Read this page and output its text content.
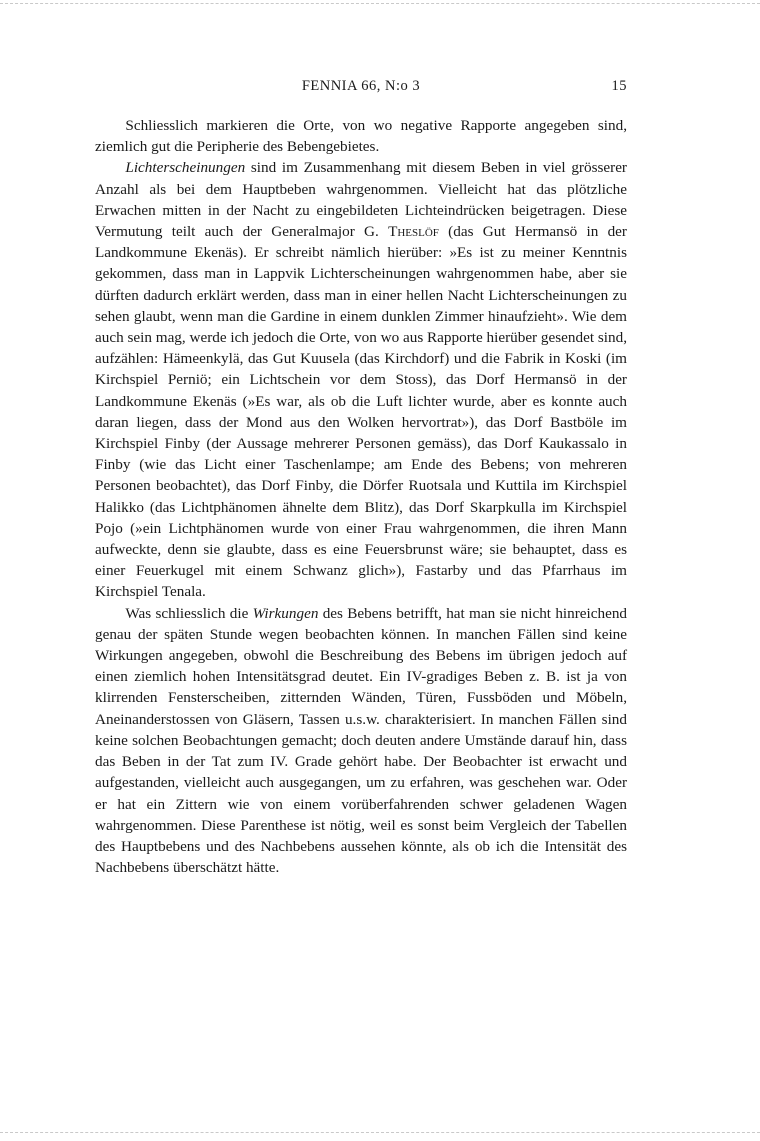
FENNIA 66, N:o 3	15

Schliesslich markieren die Orte, von wo negative Rapporte angegeben sind, ziemlich gut die Peripherie des Bebengebietes.

Lichterscheinungen sind im Zusammenhang mit diesem Beben in viel grösserer Anzahl als bei dem Hauptbeben wahrgenommen. Vielleicht hat das plötzliche Erwachen mitten in der Nacht zu eingebildeten Lichteindrücken beigetragen. Diese Vermutung teilt auch der Generalmajor G. Theslöf (das Gut Hermansö in der Landkommune Ekenäs). Er schreibt nämlich hierüber: »Es ist zu meiner Kenntnis gekommen, dass man in Lappvik Lichterscheinungen wahrgenommen habe, aber sie dürften dadurch erklärt werden, dass man in einer hellen Nacht Lichterscheinungen zu sehen glaubt, wenn man die Gardine in einem dunklen Zimmer hinaufzieht». Wie dem auch sein mag, werde ich jedoch die Orte, von wo aus Rapporte hierüber gesendet sind, aufzählen: Hämeenkylä, das Gut Kuusela (das Kirchdorf) und die Fabrik in Koski (im Kirchspiel Perniö; ein Lichtschein vor dem Stoss), das Dorf Hermansö in der Landkommune Ekenäs (»Es war, als ob die Luft lichter wurde, aber es konnte auch daran liegen, dass der Mond aus den Wolken hervortrat»), das Dorf Bastböle im Kirchspiel Finby (der Aussage mehrerer Personen gemäss), das Dorf Kaukassalo in Finby (wie das Licht einer Taschenlampe; am Ende des Bebens; von mehreren Personen beobachtet), das Dorf Finby, die Dörfer Ruotsala und Kuttila im Kirchspiel Halikko (das Lichtphänomen ähnelte dem Blitz), das Dorf Skarpkulla im Kirchspiel Pojo (»ein Lichtphänomen wurde von einer Frau wahrgenommen, die ihren Mann aufweckte, denn sie glaubte, dass es eine Feuersbrunst wäre; sie behauptet, dass es einer Feuerkugel mit einem Schwanz glich»), Fastarby und das Pfarrhaus im Kirchspiel Tenala.

Was schliesslich die Wirkungen des Bebens betrifft, hat man sie nicht hinreichend genau der späten Stunde wegen beobachten können. In manchen Fällen sind keine Wirkungen angegeben, obwohl die Beschreibung des Bebens im übrigen jedoch auf einen ziemlich hohen Intensitätsgrad deutet. Ein IV-gradiges Beben z. B. ist ja von klirrenden Fensterscheiben, zitternden Wänden, Türen, Fussböden und Möbeln, Aneinanderstossen von Gläsern, Tassen u.s.w. charakterisiert. In manchen Fällen sind keine solchen Beobachtungen gemacht; doch deuten andere Umstände darauf hin, dass das Beben in der Tat zum IV. Grade gehört habe. Der Beobachter ist erwacht und aufgestanden, vielleicht auch ausgegangen, um zu erfahren, was geschehen war. Oder er hat ein Zittern wie von einem vorüberfahrenden schwer geladenen Wagen wahrgenommen. Diese Parenthese ist nötig, weil es sonst beim Vergleich der Tabellen des Hauptbebens und des Nachbebens aussehen könnte, als ob ich die Intensität des Nachbebens überschätzt hätte.
